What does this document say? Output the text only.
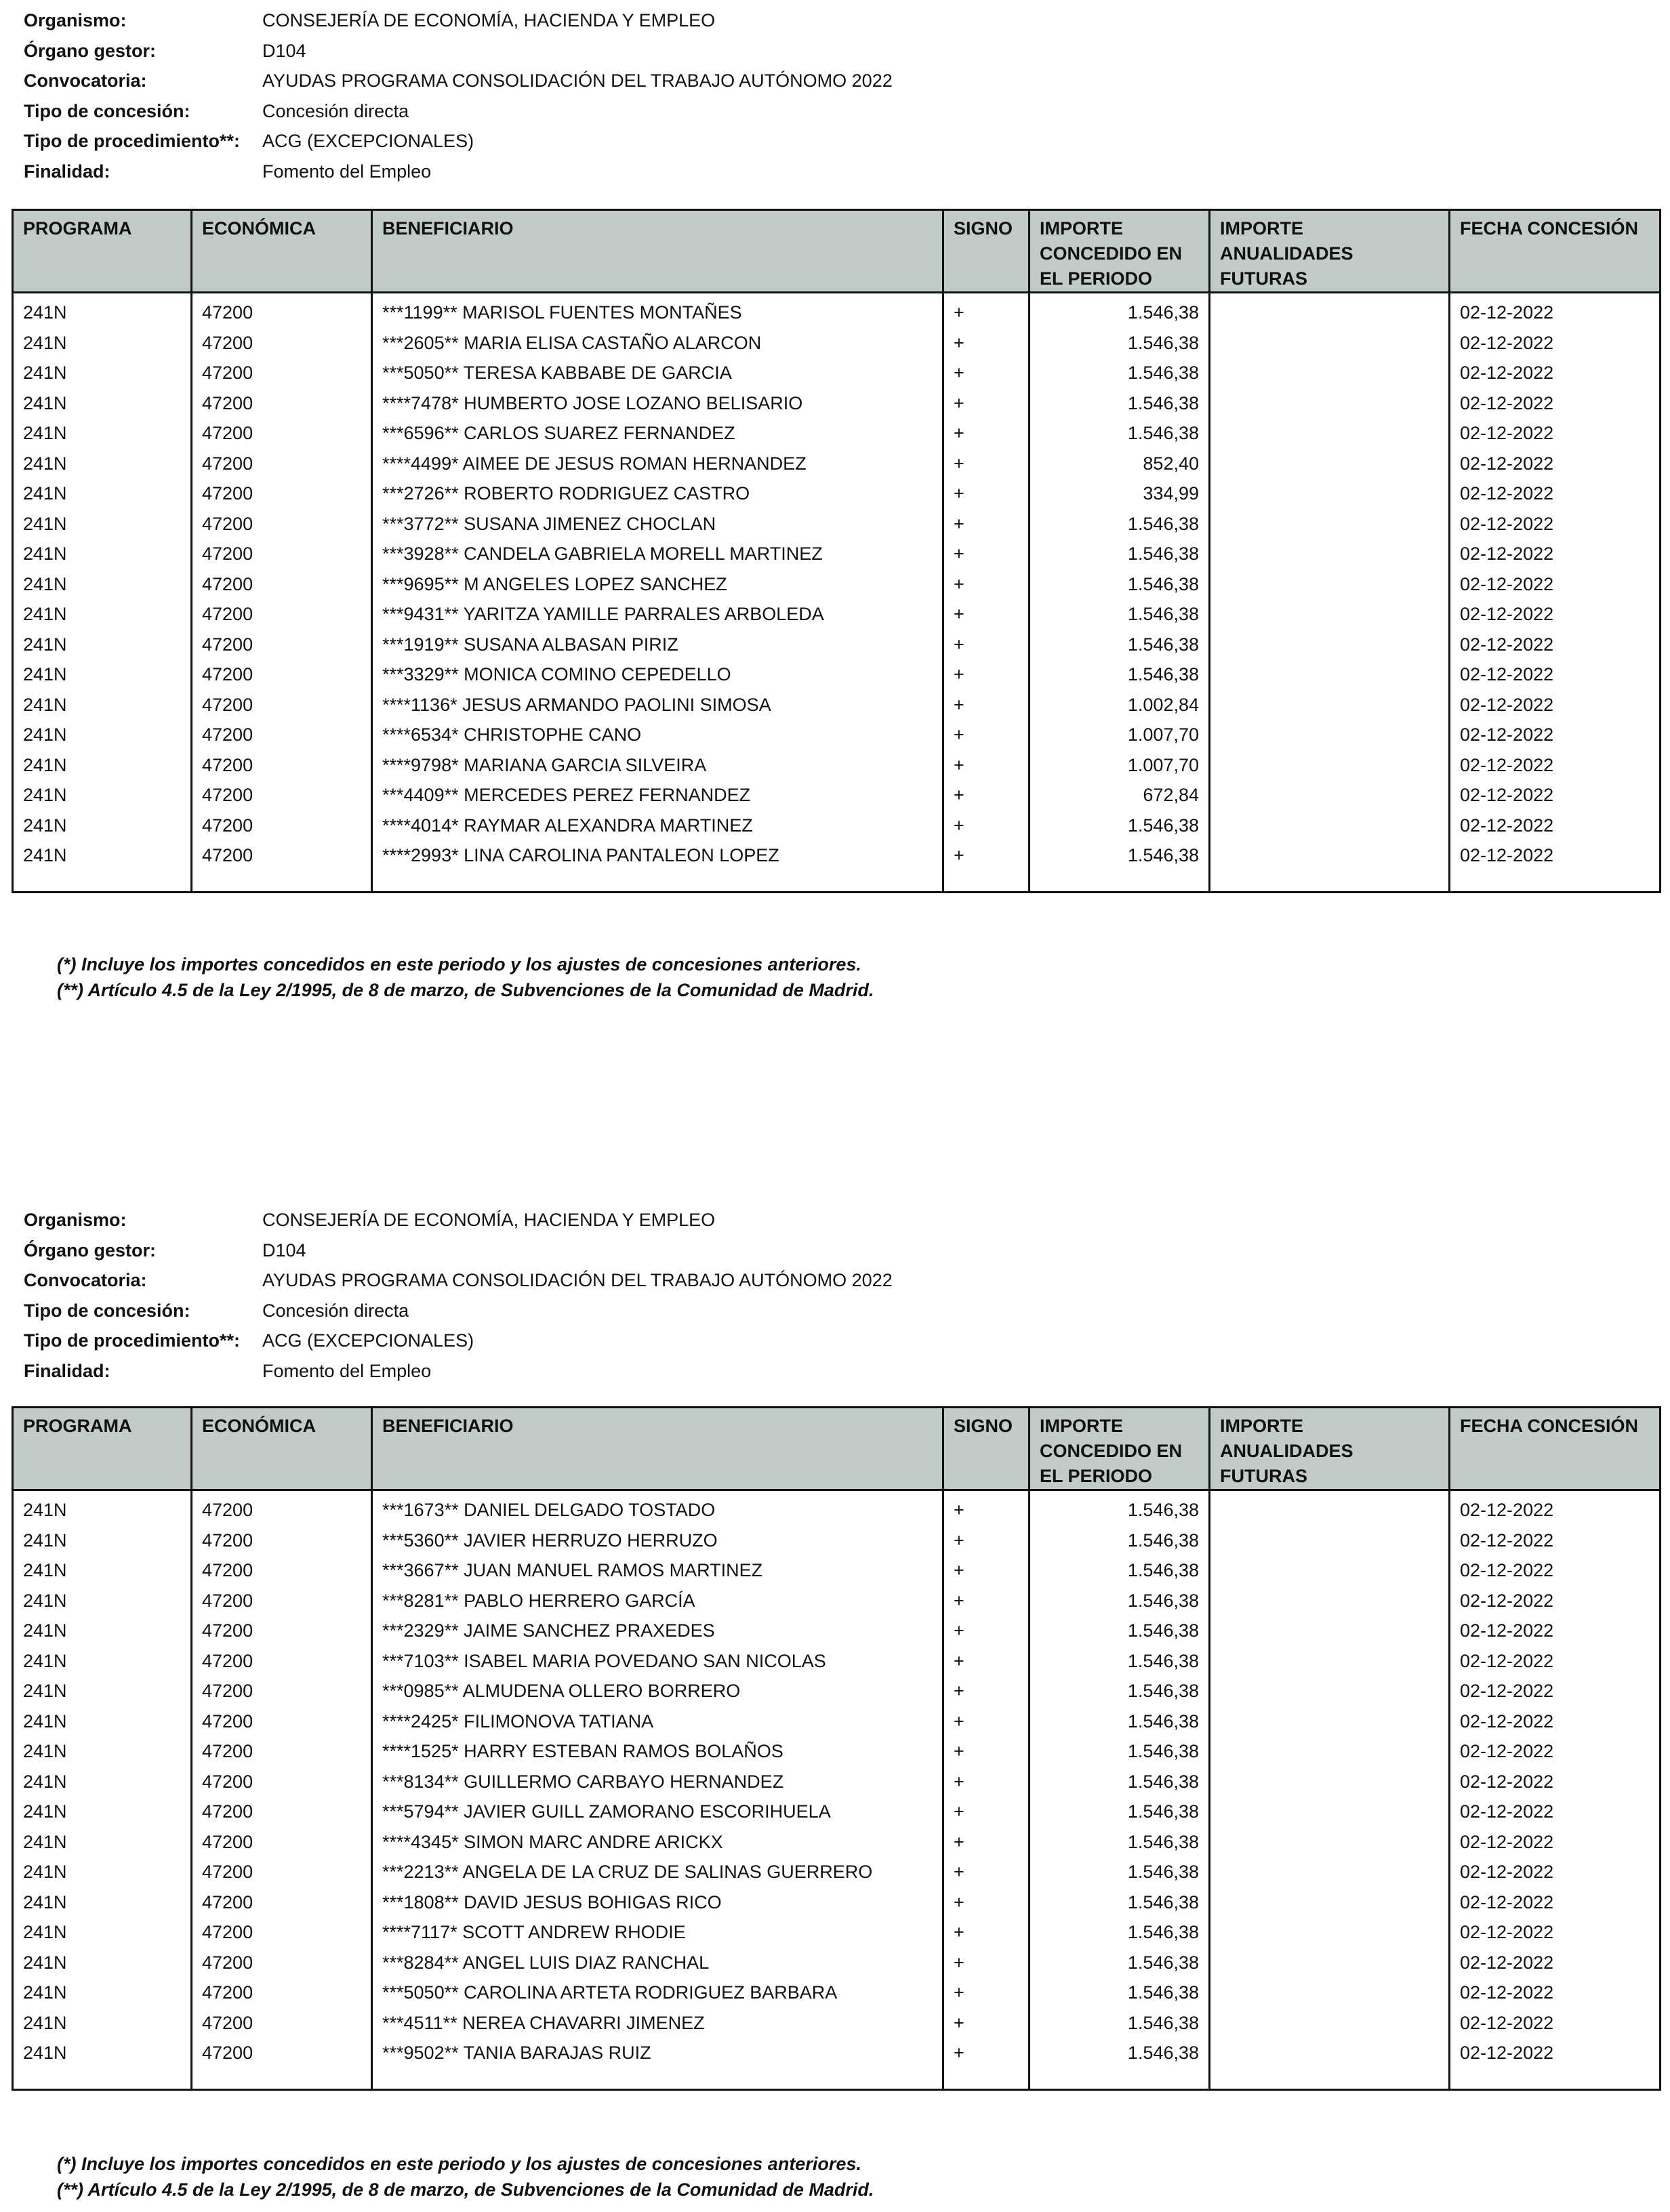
Organismo:	CONSEJERÍA DE ECONOMÍA, HACIENDA Y EMPLEO
Órgano gestor:	D104
Convocatoria:	AYUDAS PROGRAMA CONSOLIDACIÓN DEL TRABAJO AUTÓNOMO 2022
Tipo de concesión:	Concesión directa
Tipo de procedimiento**: ACG (EXCEPCIONALES)
Finalidad:	Fomento del Empleo
PROGRAMA	ECONÓMICA	BENEFICIARIO	SIGNO	IMPORTE CONCEDIDO EN EL PERIODO	IMPORTE ANUALIDADES FUTURAS	FECHA CONCESIÓN
241N	47200	***1199** MARISOL FUENTES MONTAÑES	+	1.546,38		02-12-2022
241N	47200	***2605** MARIA ELISA CASTAÑO ALARCON	+	1.546,38		02-12-2022
241N	47200	***5050** TERESA KABBABE DE GARCIA	+	1.546,38		02-12-2022
241N	47200	****7478* HUMBERTO JOSE LOZANO BELISARIO	+	1.546,38		02-12-2022
241N	47200	***6596** CARLOS SUAREZ FERNANDEZ	+	1.546,38		02-12-2022
241N	47200	****4499* AIMEE DE JESUS ROMAN HERNANDEZ	+	852,40		02-12-2022
241N	47200	***2726** ROBERTO RODRIGUEZ CASTRO	+	334,99		02-12-2022
241N	47200	***3772** SUSANA JIMENEZ CHOCLAN	+	1.546,38		02-12-2022
241N	47200	***3928** CANDELA GABRIELA MORELL MARTINEZ	+	1.546,38		02-12-2022
241N	47200	***9695** M ANGELES LOPEZ SANCHEZ	+	1.546,38		02-12-2022
241N	47200	***9431** YARITZA YAMILLE PARRALES ARBOLEDA	+	1.546,38		02-12-2022
241N	47200	***1919** SUSANA ALBASAN PIRIZ	+	1.546,38		02-12-2022
241N	47200	***3329** MONICA COMINO CEPEDELLO	+	1.546,38		02-12-2022
241N	47200	****1136* JESUS ARMANDO PAOLINI SIMOSA	+	1.002,84		02-12-2022
241N	47200	****6534* CHRISTOPHE CANO	+	1.007,70		02-12-2022
241N	47200	****9798* MARIANA GARCIA SILVEIRA	+	1.007,70		02-12-2022
241N	47200	***4409** MERCEDES PEREZ FERNANDEZ	+	672,84		02-12-2022
241N	47200	****4014* RAYMAR ALEXANDRA MARTINEZ	+	1.546,38		02-12-2022
241N	47200	****2993* LINA CAROLINA PANTALEON LOPEZ	+	1.546,38		02-12-2022

(*) Incluye los importes concedidos en este periodo y los ajustes de concesiones anteriores.
(**) Artículo 4.5 de la Ley 2/1995, de 8 de marzo, de Subvenciones de la Comunidad de Madrid.
Organismo:	CONSEJERÍA DE ECONOMÍA, HACIENDA Y EMPLEO
Órgano gestor:	D104
Convocatoria:	AYUDAS PROGRAMA CONSOLIDACIÓN DEL TRABAJO AUTÓNOMO 2022
Tipo de concesión:	Concesión directa
Tipo de procedimiento**: ACG (EXCEPCIONALES)
Finalidad:	Fomento del Empleo
PROGRAMA	ECONÓMICA	BENEFICIARIO	SIGNO	IMPORTE CONCEDIDO EN EL PERIODO	IMPORTE ANUALIDADES FUTURAS	FECHA CONCESIÓN
241N	47200	***1673** DANIEL DELGADO TOSTADO	+	1.546,38		02-12-2022
241N	47200	***5360** JAVIER HERRUZO HERRUZO	+	1.546,38		02-12-2022
241N	47200	***3667** JUAN MANUEL RAMOS MARTINEZ	+	1.546,38		02-12-2022
241N	47200	***8281** PABLO HERRERO GARCÍA	+	1.546,38		02-12-2022
241N	47200	***2329** JAIME SANCHEZ PRAXEDES	+	1.546,38		02-12-2022
241N	47200	***7103** ISABEL MARIA POVEDANO SAN NICOLAS	+	1.546,38		02-12-2022
241N	47200	***0985** ALMUDENA OLLERO BORRERO	+	1.546,38		02-12-2022
241N	47200	****2425* FILIMONOVA TATIANA	+	1.546,38		02-12-2022
241N	47200	****1525* HARRY ESTEBAN RAMOS BOLAÑOS	+	1.546,38		02-12-2022
241N	47200	***8134** GUILLERMO CARBAYO HERNANDEZ	+	1.546,38		02-12-2022
241N	47200	***5794** JAVIER GUILL ZAMORANO ESCORIHUELA	+	1.546,38		02-12-2022
241N	47200	****4345* SIMON MARC ANDRE ARICKX	+	1.546,38		02-12-2022
241N	47200	***2213** ANGELA DE LA CRUZ DE SALINAS GUERRERO	+	1.546,38		02-12-2022
241N	47200	***1808** DAVID JESUS BOHIGAS RICO	+	1.546,38		02-12-2022
241N	47200	****7117* SCOTT ANDREW RHODIE	+	1.546,38		02-12-2022
241N	47200	***8284** ANGEL LUIS DIAZ RANCHAL	+	1.546,38		02-12-2022
241N	47200	***5050** CAROLINA ARTETA RODRIGUEZ BARBARA	+	1.546,38		02-12-2022
241N	47200	***4511** NEREA CHAVARRI JIMENEZ	+	1.546,38		02-12-2022
241N	47200	***9502** TANIA BARAJAS RUIZ	+	1.546,38		02-12-2022

(*) Incluye los importes concedidos en este periodo y los ajustes de concesiones anteriores.
(**) Artículo 4.5 de la Ley 2/1995, de 8 de marzo, de Subvenciones de la Comunidad de Madrid.
